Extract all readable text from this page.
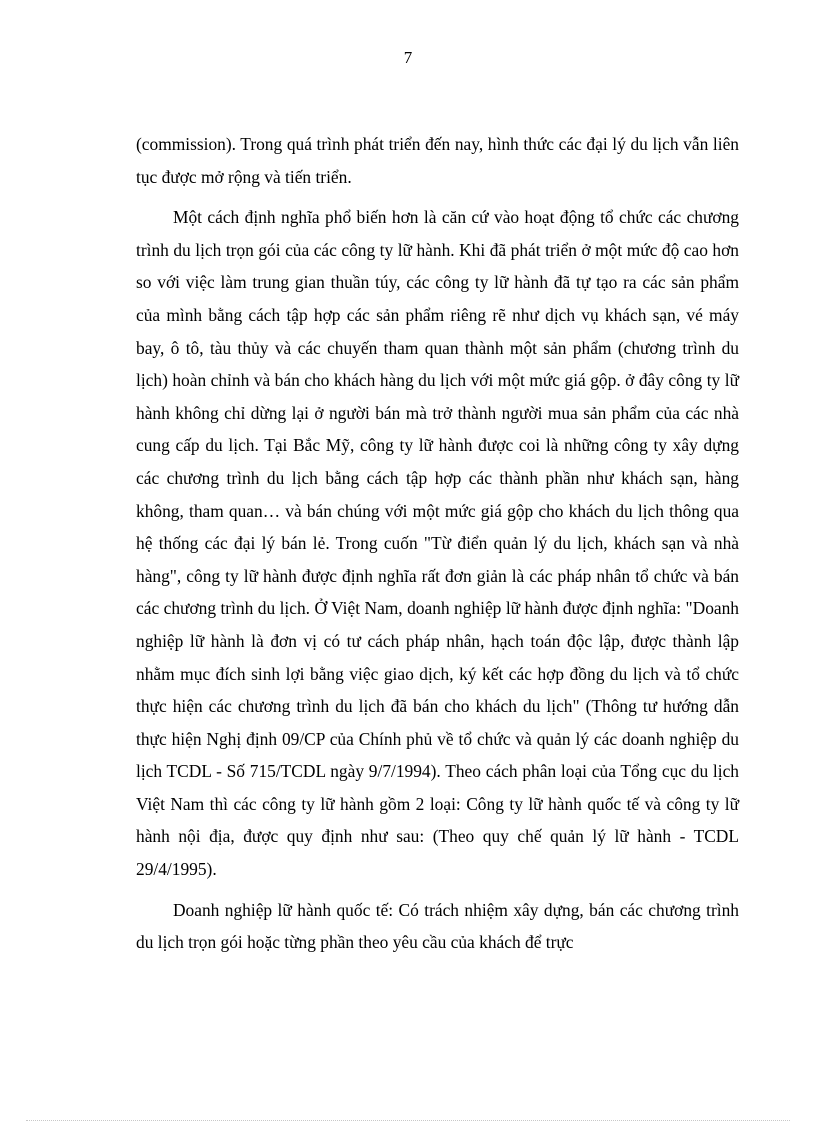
7

(commission). Trong quá trình phát triển đến nay, hình thức các đại lý du lịch vẫn liên tục được mở rộng và tiến triển.

Một cách định nghĩa phổ biến hơn là căn cứ vào hoạt động tổ chức các chương trình du lịch trọn gói của các công ty lữ hành. Khi đã phát triển ở một mức độ cao hơn so với việc làm trung gian thuần túy, các công ty lữ hành đã tự tạo ra các sản phẩm của mình bằng cách tập hợp các sản phẩm riêng rẽ như dịch vụ khách sạn, vé máy bay, ô tô, tàu thủy và các chuyến tham quan thành một sản phẩm (chương trình du lịch) hoàn chỉnh và bán cho khách hàng du lịch với một mức giá gộp. ở đây công ty lữ hành không chỉ dừng lại ở người bán mà trở thành người mua sản phẩm của các nhà cung cấp du lịch. Tại Bắc Mỹ, công ty lữ hành được coi là những công ty xây dựng các chương trình du lịch bằng cách tập hợp các thành phần như khách sạn, hàng không, tham quan… và bán chúng với một mức giá gộp cho khách du lịch thông qua hệ thống các đại lý bán lẻ. Trong cuốn "Từ điển quản lý du lịch, khách sạn và nhà hàng", công ty lữ hành được định nghĩa rất đơn giản là các pháp nhân tổ chức và bán các chương trình du lịch. Ở Việt Nam, doanh nghiệp lữ hành được định nghĩa: "Doanh nghiệp lữ hành là đơn vị có tư cách pháp nhân, hạch toán độc lập, được thành lập nhằm mục đích sinh lợi bằng việc giao dịch, ký kết các hợp đồng du lịch và tổ chức thực hiện các chương trình du lịch đã bán cho khách du lịch" (Thông tư hướng dẫn thực hiện Nghị định 09/CP của Chính phủ về tổ chức và quản lý các doanh nghiệp du lịch TCDL - Số 715/TCDL ngày 9/7/1994). Theo cách phân loại của Tổng cục du lịch Việt Nam thì các công ty lữ hành gồm 2 loại: Công ty lữ hành quốc tế và công ty lữ hành nội địa, được quy định như sau: (Theo quy chế quản lý lữ hành - TCDL 29/4/1995).

Doanh nghiệp lữ hành quốc tế: Có trách nhiệm xây dựng, bán các chương trình du lịch trọn gói hoặc từng phần theo yêu cầu của khách để trực
